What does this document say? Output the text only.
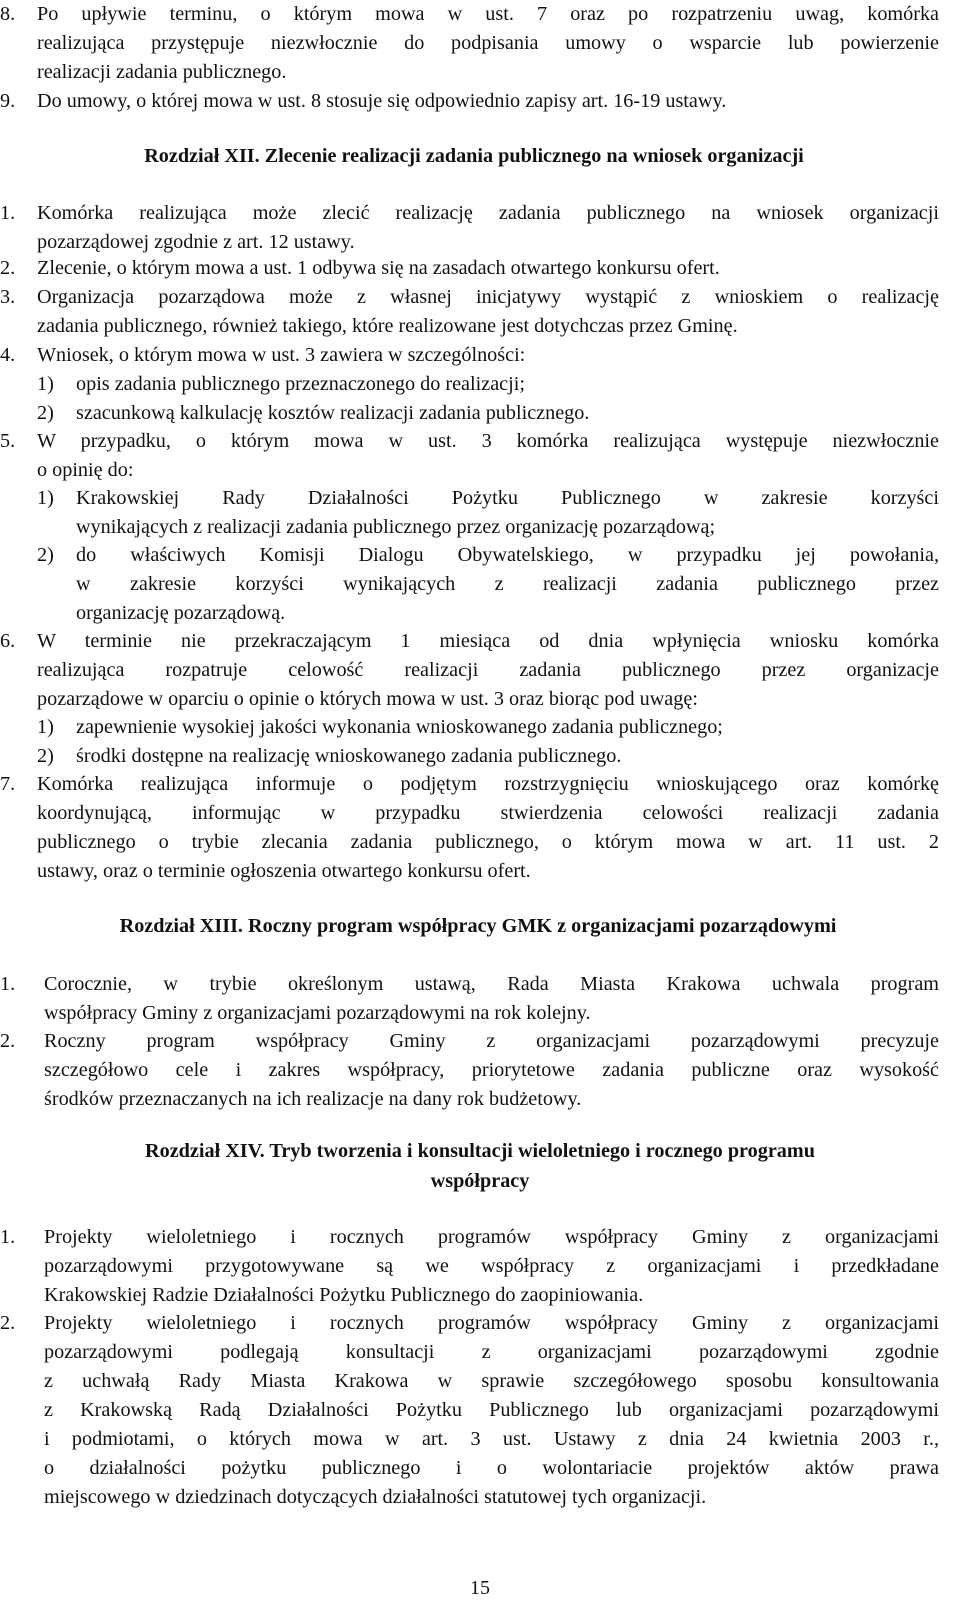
8. Po upływie terminu, o którym mowa w ust. 7 oraz po rozpatrzeniu uwag, komórka
realizująca przystępuje niezwłocznie do podpisania umowy o wsparcie lub powierzenie
realizacji zadania publicznego.
9. Do umowy, o której mowa w ust. 8 stosuje się odpowiednio zapisy art. 16-19 ustawy.
Rozdział XII. Zlecenie realizacji zadania publicznego na wniosek organizacji
1. Komórka realizująca może zlecić realizację zadania publicznego na wniosek organizacji
pozarządowej zgodnie z art. 12 ustawy.
2. Zlecenie, o którym mowa a ust. 1 odbywa się na zasadach otwartego konkursu ofert.
3. Organizacja pozarządowa może z własnej inicjatywy wystąpić z wnioskiem o realizację
zadania publicznego, również takiego, które realizowane jest dotychczas przez Gminę.
4. Wniosek, o którym mowa w ust. 3 zawiera w szczególności:
1) opis zadania publicznego przeznaczonego do realizacji;
2) szacunkową kalkulację kosztów realizacji zadania publicznego.
5. W przypadku, o którym mowa w ust. 3 komórka realizująca występuje niezwłocznie
o opinię do:
1) Krakowskiej Rady Działalności Pożytku Publicznego w zakresie korzyści
wynikających z realizacji zadania publicznego przez organizację pozarządową;
2) do właściwych Komisji Dialogu Obywatelskiego, w przypadku jej powołania,
w zakresie korzyści wynikających z realizacji zadania publicznego przez
organizację pozarządową.
6. W terminie nie przekraczającym 1 miesiąca od dnia wpłynięcia wniosku komórka
realizująca rozpatruje celowość realizacji zadania publicznego przez organizacje
pozarządowe w oparciu o opinie o których mowa w ust. 3 oraz biorąc pod uwagę:
1) zapewnienie wysokiej jakości wykonania wnioskowanego zadania publicznego;
2) środki dostępne na realizację wnioskowanego zadania publicznego.
7. Komórka realizująca informuje o podjętym rozstrzygnięciu wnioskującego oraz komórkę
koordynującą, informując w przypadku stwierdzenia celowości realizacji zadania
publicznego o trybie zlecania zadania publicznego, o którym mowa w art. 11 ust. 2
ustawy, oraz o terminie ogłoszenia otwartego konkursu ofert.
Rozdział XIII. Roczny program współpracy GMK z organizacjami pozarządowymi
1. Corocznie, w trybie określonym ustawą, Rada Miasta Krakowa uchwala program
współpracy Gminy z organizacjami pozarządowymi na rok kolejny.
2. Roczny program współpracy Gminy z organizacjami pozarządowymi precyzuje
szczegółowo cele i zakres współpracy, priorytetowe zadania publiczne oraz wysokość
środków przeznaczanych na ich realizacje na dany rok budżetowy.
Rozdział XIV. Tryb tworzenia i konsultacji wieloletniego i rocznego programu
współpracy
1. Projekty wieloletniego i rocznych programów współpracy Gminy z organizacjami
pozarządowymi przygotowywane są we współpracy z organizacjami i przedkładane
Krakowskiej Radzie Działalności Pożytku Publicznego do zaopiniowania.
2. Projekty wieloletniego i rocznych programów współpracy Gminy z organizacjami
pozarządowymi podlegają konsultacji z organizacjami pozarządowymi zgodnie
z uchwałą Rady Miasta Krakowa w sprawie szczegółowego sposobu konsultowania
z Krakowską Radą Działalności Pożytku Publicznego lub organizacjami pozarządowymi
i podmiotami, o których mowa w art. 3 ust. Ustawy z dnia 24 kwietnia 2003 r.,
o działalności pożytku publicznego i o wolontariacie projektów aktów prawa
miejscowego w dziedzinach dotyczących działalności statutowej tych organizacji.
15
